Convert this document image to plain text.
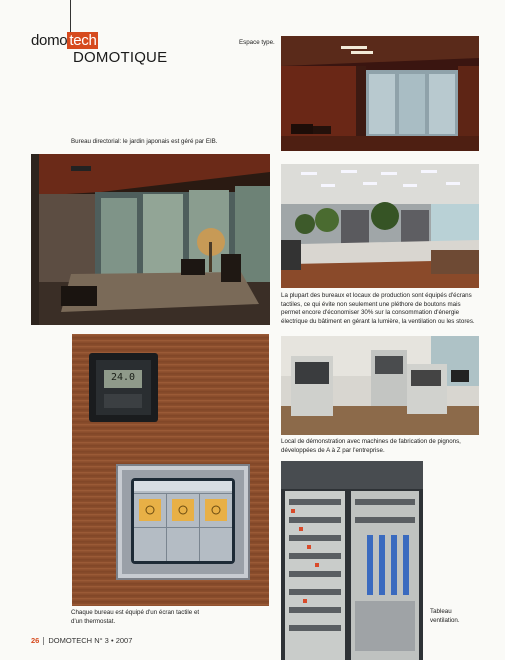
domo tech
DOMOTIQUE
Espace type.
Bureau directorial: le jardin japonais est géré par EIB.
La plupart des bureaux et locaux de production sont équipés d'écrans tactiles, ce qui évite non seulement une pléthore de boutons mais permet encore d'économiser 30% sur la consommation d'énergie électrique du bâtiment en gérant la lumière, la ventilation ou les stores.
24.0
Chaque bureau est équipé d'un écran tactile et d'un thermostat.
Local de démonstration avec machines de fabrication de pignons, développées de A à Z par l'entreprise.
Tableau ventilation.
26 DOMOTECH N° 3 • 2007
